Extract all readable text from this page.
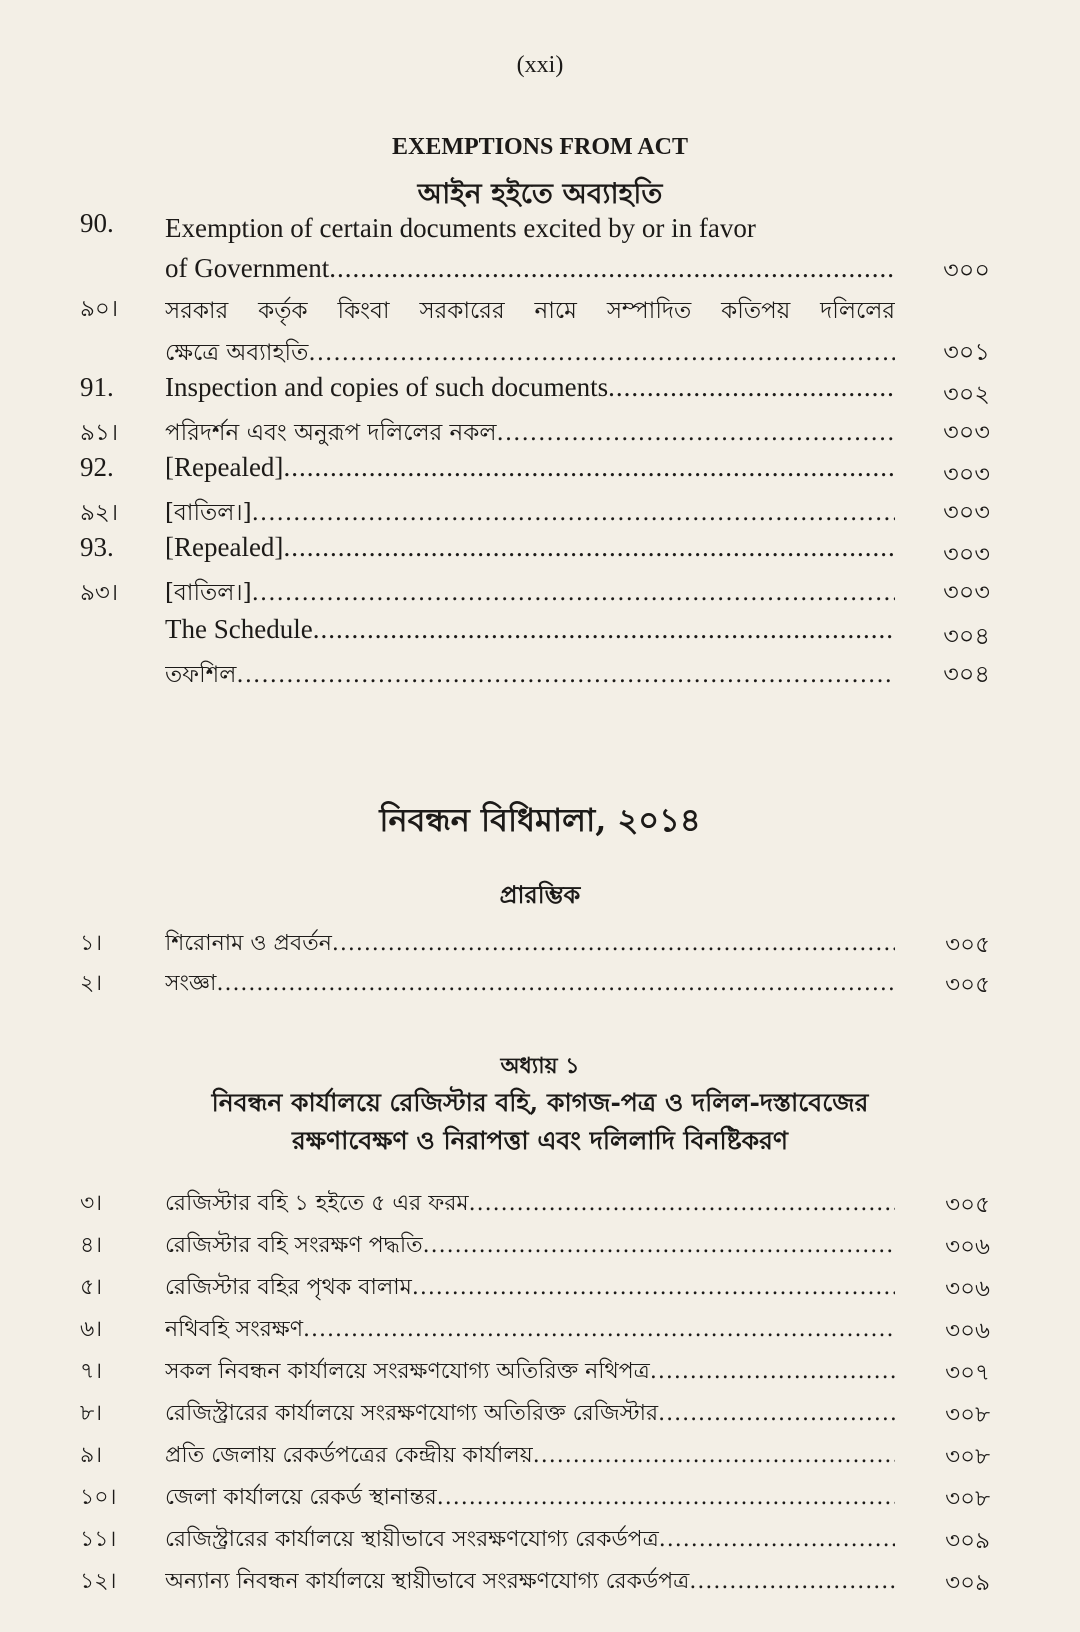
(xxi)
EXEMPTIONS FROM ACT
আইন হইতে অব্যাহতি
90. Exemption of certain documents excited by or in favor
of Government .....	৩০০
৯০। সরকার কর্তৃক কিংবা সরকারের নামে সম্পাদিত কতিপয় দলিলের
ক্ষেত্রে অব্যাহতি .....	৩০১
91. Inspection and copies of such documents .....	৩০২
৯১। পরিদর্শন এবং অনুরূপ দলিলের নকল .....	৩০৩
92. [Repealed] .....	৩০৩
৯২। [বাতিল।] .....	৩০৩
93. [Repealed] .....	৩০৩
৯৩। [বাতিল।] .....	৩০৩
The Schedule .....	৩০৪
তফশিল .....	৩০৪
নিবন্ধন বিধিমালা, ২০১৪
প্রারম্ভিক
১।	শিরোনাম ও প্রবর্তন .....	৩০৫
২।	সংজ্ঞা .....	৩০৫
অধ্যায় ১
নিবন্ধন কার্যালয়ে রেজিস্টার বহি, কাগজ-পত্র ও দলিল-দস্তাবেজের
রক্ষণাবেক্ষণ ও নিরাপত্তা এবং দলিলাদি বিনষ্টিকরণ
৩।	রেজিস্টার বহি ১ হইতে ৫ এর ফরম .....	৩০৫
৪।	রেজিস্টার বহি সংরক্ষণ পদ্ধতি .....	৩০৬
৫।	রেজিস্টার বহির পৃথক বালাম .....	৩০৬
৬।	নথিবহি সংরক্ষণ .....	৩০৬
৭।	সকল নিবন্ধন কার্যালয়ে সংরক্ষণযোগ্য অতিরিক্ত নথিপত্র .....	৩০৭
৮।	রেজিস্ট্রারের কার্যালয়ে সংরক্ষণযোগ্য অতিরিক্ত রেজিস্টার .....	৩০৮
৯।	প্রতি জেলায় রেকর্ডপত্রের কেন্দ্রীয় কার্যালয় .....	৩০৮
১০। জেলা কার্যালয়ে রেকর্ড স্থানান্তর .....	৩০৮
১১। রেজিস্ট্রারের কার্যালয়ে স্থায়ীভাবে সংরক্ষণযোগ্য রেকর্ডপত্র .....	৩০৯
১২। অন্যান্য নিবন্ধন কার্যালয়ে স্থায়ীভাবে সংরক্ষণযোগ্য রেকর্ডপত্র .....	৩০৯
